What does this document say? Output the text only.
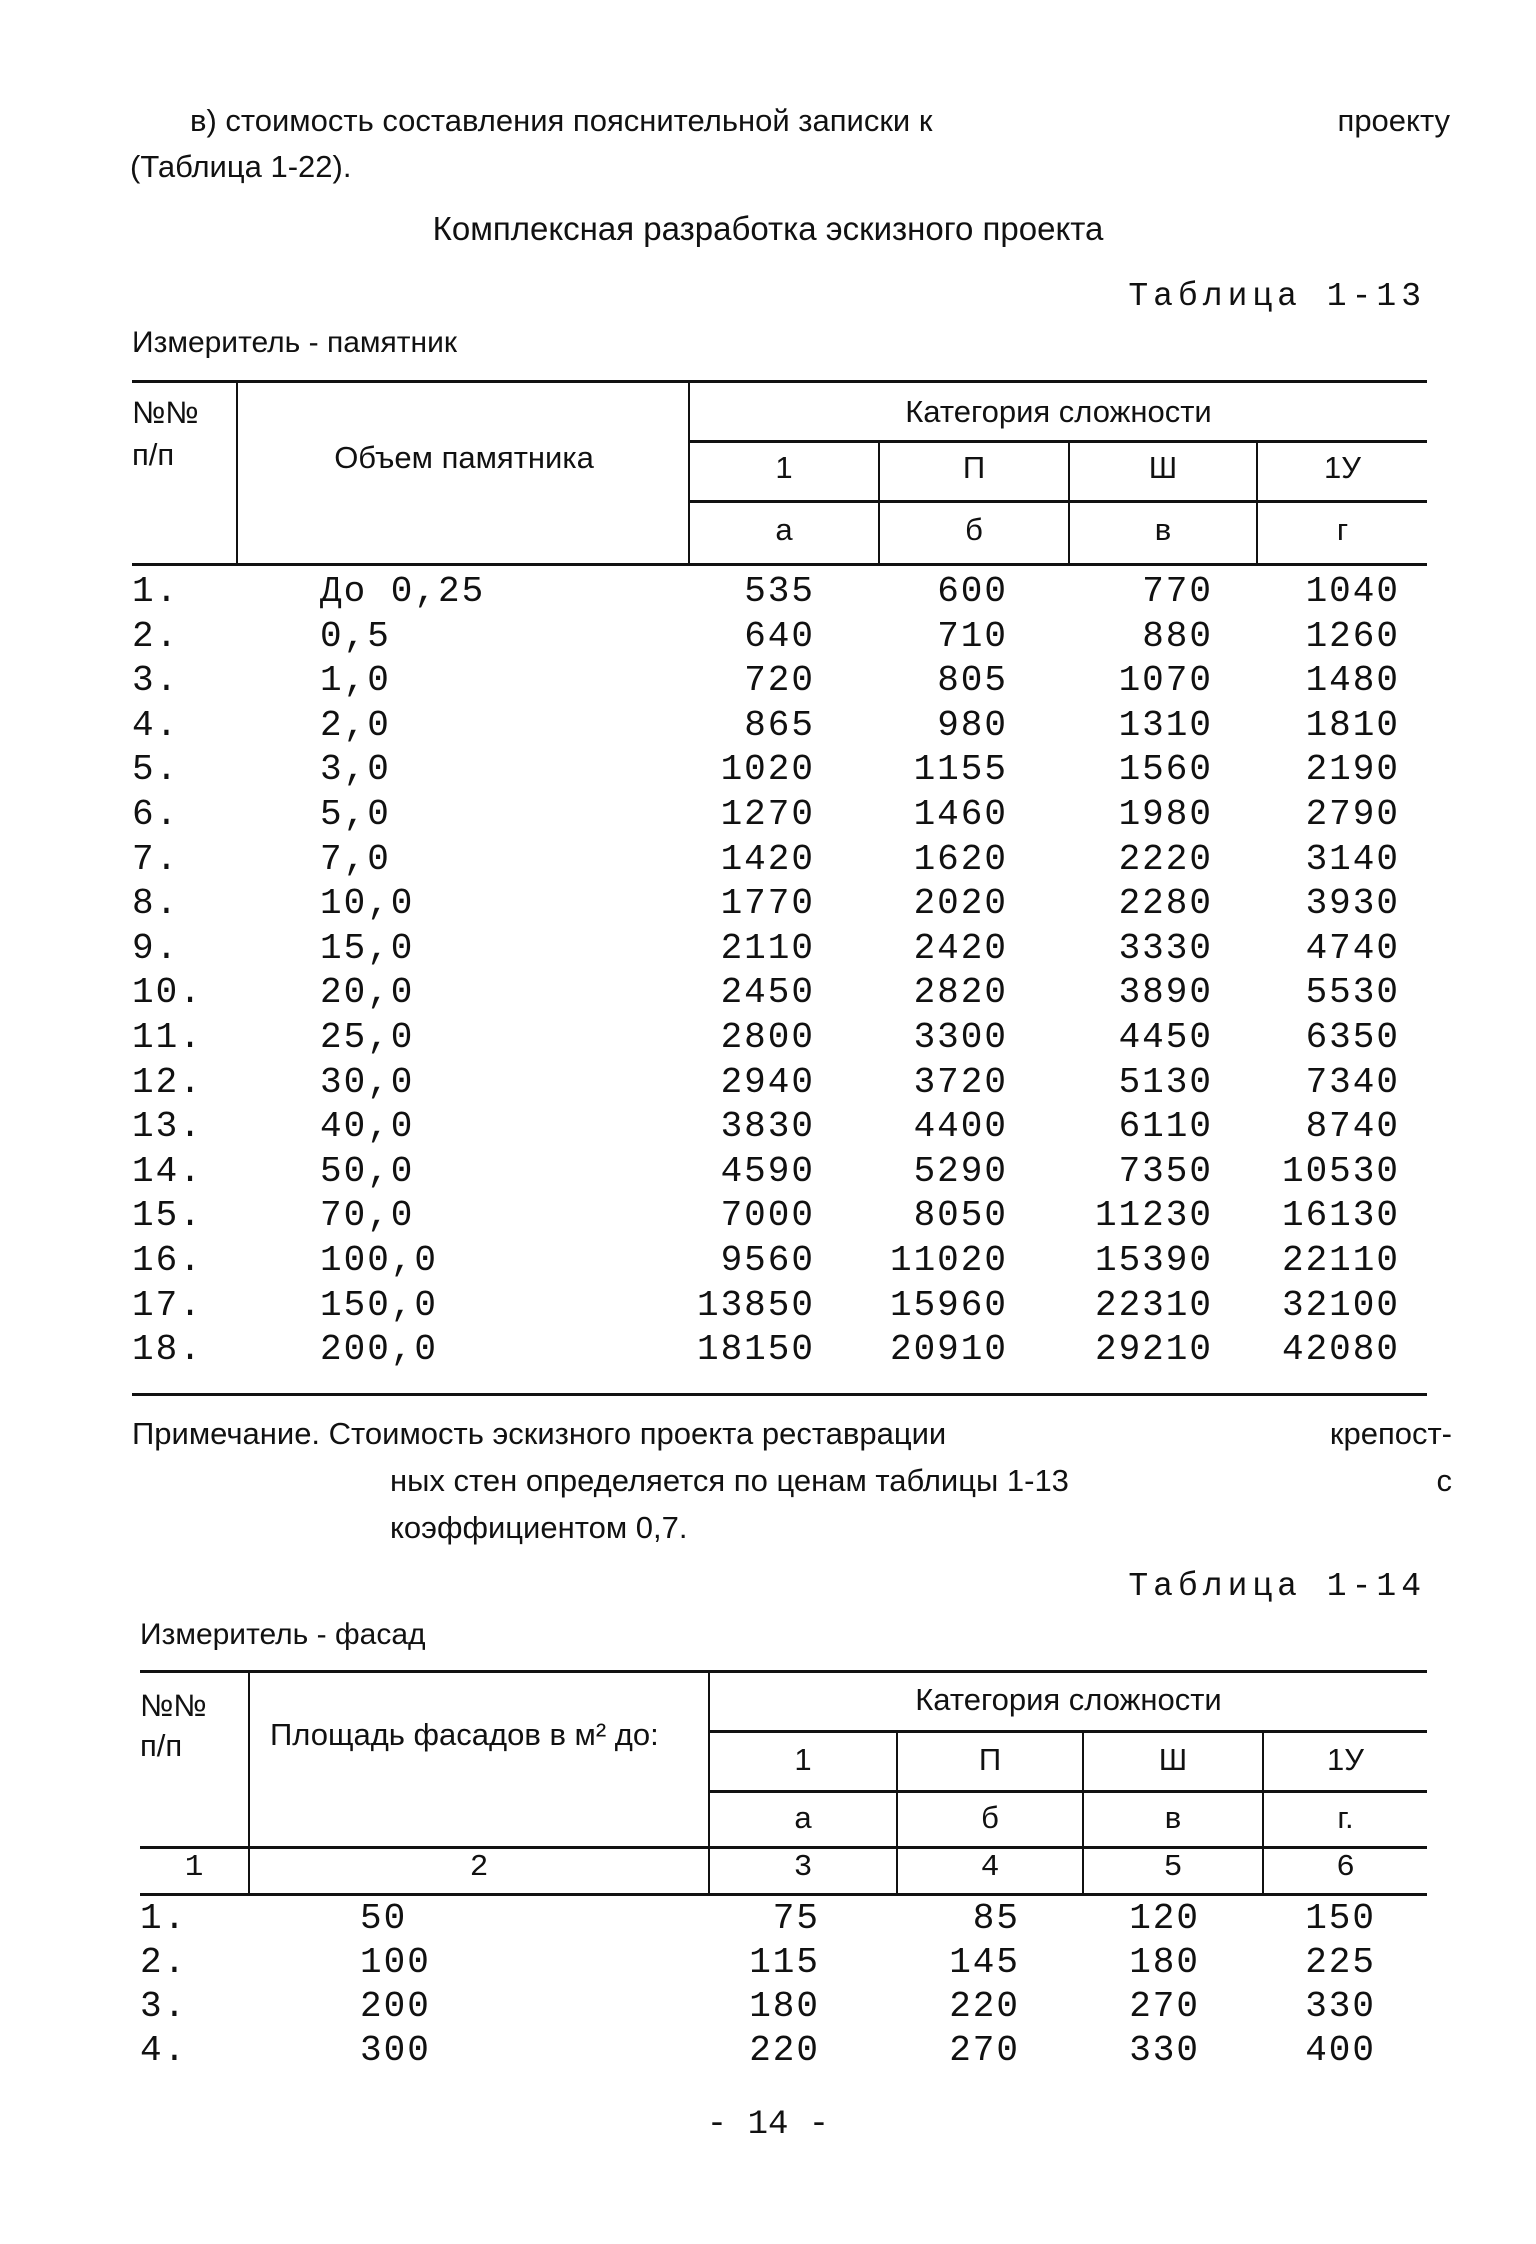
в) стоимость составления пояснительной записки к	проекту
(Таблица 1-22).
Комплексная разработка эскизного проекта
Таблица 1-13
Измеритель - памятник
№№ п/п	Объем памятника
Категория сложности
1	П	Ш	1У
а	б	в	г
1.	До 0,25	535	600	770	1040
2.	0,5	640	710	880	1260
3.	1,0	720	805	1070	1480
4.	2,0	865	980	1310	1810
5.	3,0	1020	1155	1560	2190
6.	5,0	1270	1460	1980	2790
7.	7,0	1420	1620	2220	3140
8.	10,0	1770	2020	2280	3930
9.	15,0	2110	2420	3330	4740
10.	20,0	2450	2820	3890	5530
11.	25,0	2800	3300	4450	6350
12.	30,0	2940	3720	5130	7340
13.	40,0	3830	4400	6110	8740
14.	50,0	4590	5290	7350	10530
15.	70,0	7000	8050	11230	16130
16.	100,0	9560	11020	15390	22110
17.	150,0	13850	15960	22310	32100
18.	200,0	18150	20910	29210	42080
Примечание. Стоимость эскизного проекта реставрации	крепост-
ных стен определяется по ценам таблицы 1-13	с
коэффициентом 0,7.
Таблица 1-14
Измеритель - фасад
№№ п/п	Площадь фасадов в м² до:
Категория сложности
1	П	Ш	1У
а	б	в	г.
1	2	3	4	5	6
1.	50	75	85	120	150
2.	100	115	145	180	225
3.	200	180	220	270	330
4.	300	220	270	330	400
- 14 -
